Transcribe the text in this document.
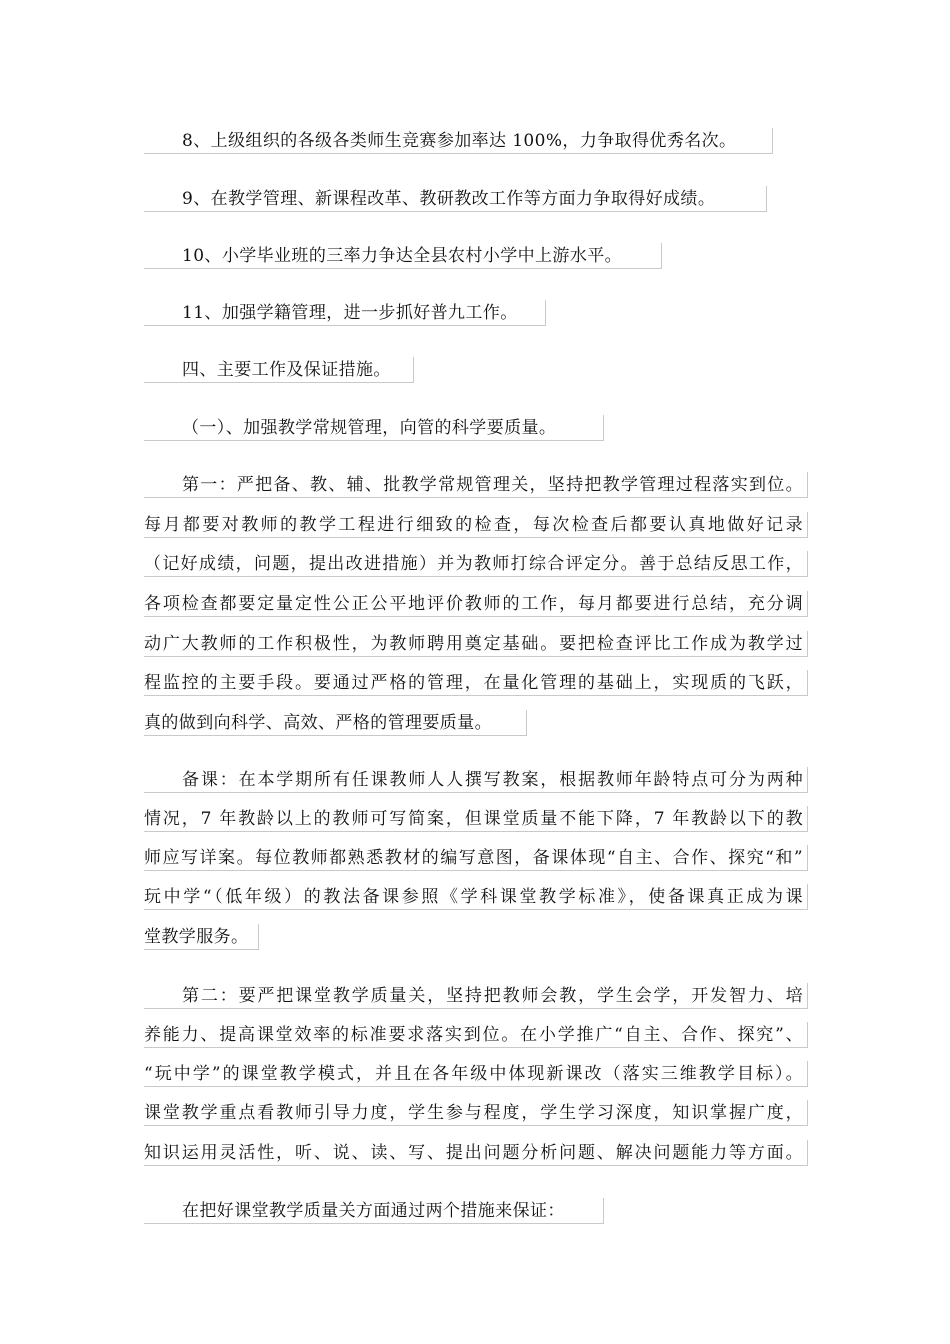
8、上级组织的各级各类师生竞赛参加率达 100%，力争取得优秀名次。
9、在教学管理、新课程改革、教研教改工作等方面力争取得好成绩。
10、小学毕业班的三率力争达全县农村小学中上游水平。
11、加强学籍管理，进一步抓好普九工作。
四、主要工作及保证措施。
（一）、加强教学常规管理，向管的科学要质量。
第一：严把备、教、辅、批教学常规管理关，坚持把教学管理过程落实到位。
每月都要对教师的教学工程进行细致的检查，每次检查后都要认真地做好记录
（记好成绩，问题，提出改进措施）并为教师打综合评定分。善于总结反思工作，
各项检查都要定量定性公正公平地评价教师的工作，每月都要进行总结，充分调
动广大教师的工作积极性，为教师聘用奠定基础。要把检查评比工作成为教学过
程监控的主要手段。要通过严格的管理，在量化管理的基础上，实现质的飞跃，
真的做到向科学、高效、严格的管理要质量。
备课：在本学期所有任课教师人人撰写教案，根据教师年龄特点可分为两种
情况，7 年教龄以上的教师可写简案，但课堂质量不能下降，7 年教龄以下的教
师应写详案。每位教师都熟悉教材的编写意图，备课体现“自主、合作、探究“和”
玩中学“（低年级）的教法备课参照《学科课堂教学标准》，使备课真正成为课
堂教学服务。
第二：要严把课堂教学质量关，坚持把教师会教，学生会学，开发智力、培
养能力、提高课堂效率的标准要求落实到位。在小学推广“自主、合作、探究”、
“玩中学”的课堂教学模式，并且在各年级中体现新课改（落实三维教学目标）。
课堂教学重点看教师引导力度，学生参与程度，学生学习深度，知识掌握广度，
知识运用灵活性，听、说、读、写、提出问题分析问题、解决问题能力等方面。
在把好课堂教学质量关方面通过两个措施来保证：
